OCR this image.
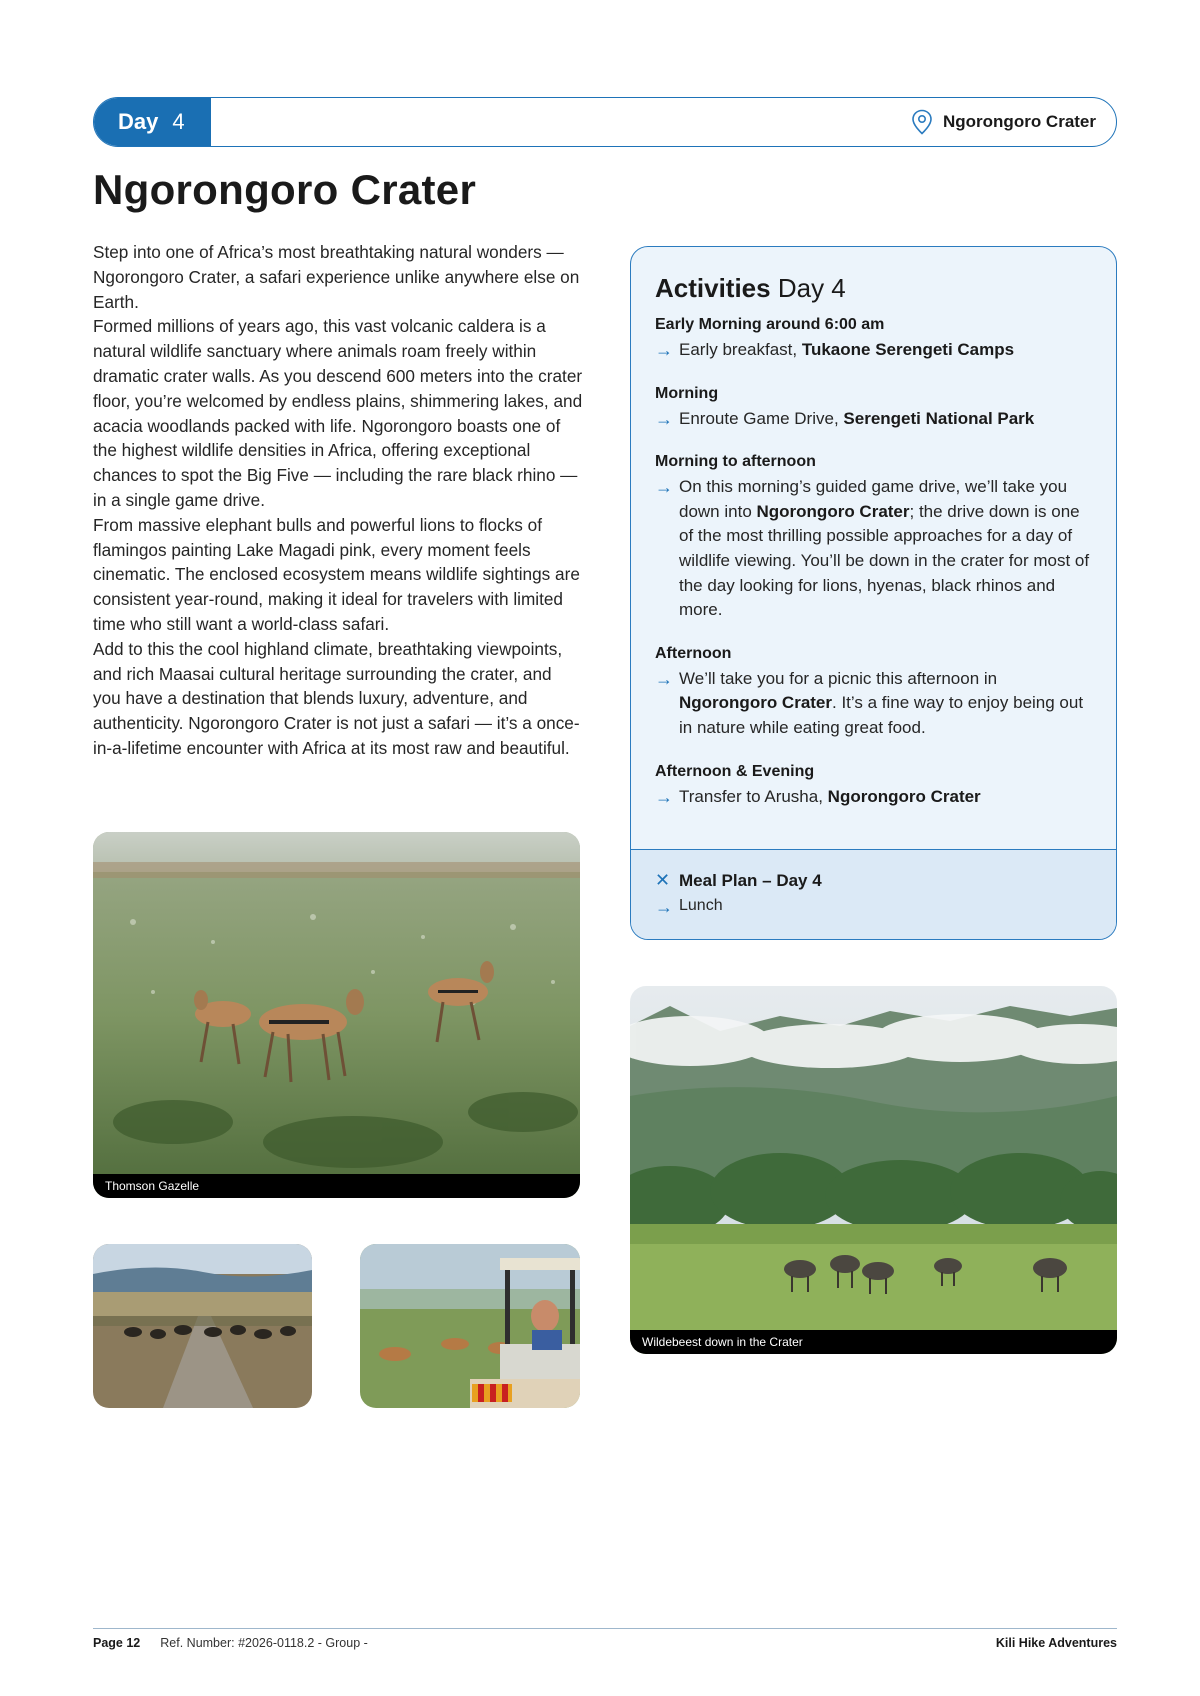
Day 4	Ngorongoro Crater
Ngorongoro Crater

Step into one of Africa’s most breathtaking natural wonders — Ngorongoro Crater, a safari experience unlike anywhere else on Earth.

Formed millions of years ago, this vast volcanic caldera is a natural wildlife sanctuary where animals roam freely within dramatic crater walls. As you descend 600 meters into the crater floor, you’re welcomed by endless plains, shimmering lakes, and acacia woodlands packed with life. Ngorongoro boasts one of the highest wildlife densities in Africa, offering exceptional chances to spot the Big Five — including the rare black rhino — in a single game drive.

From massive elephant bulls and powerful lions to flocks of flamingos painting Lake Magadi pink, every moment feels cinematic. The enclosed ecosystem means wildlife sightings are consistent year-round, making it ideal for travelers with limited time who still want a world-class safari.

Add to this the cool highland climate, breathtaking viewpoints, and rich Maasai cultural heritage surrounding the crater, and you have a destination that blends luxury, adventure, and authenticity. Ngorongoro Crater is not just a safari — it’s a once-in-a-lifetime encounter with Africa at its most raw and beautiful.

Activities Day 4
Early Morning around 6:00 am
→ Early breakfast, Tukaone Serengeti Camps
Morning
→ Enroute Game Drive, Serengeti National Park
Morning to afternoon
→ On this morning’s guided game drive, we’ll take you down into Ngorongoro Crater; the drive down is one of the most thrilling possible approaches for a day of wildlife viewing. You’ll be down in the crater for most of the day looking for lions, hyenas, black rhinos and more.
Afternoon
→ We’ll take you for a picnic this afternoon in Ngorongoro Crater. It’s a fine way to enjoy being out in nature while eating great food.
Afternoon & Evening
→ Transfer to Arusha, Ngorongoro Crater
✕ Meal Plan – Day 4
→ Lunch
Thomson Gazelle
Wildebeest down in the Crater
Page 12 Ref. Number: #2026-0118.2 - Group -	Kili Hike Adventures
